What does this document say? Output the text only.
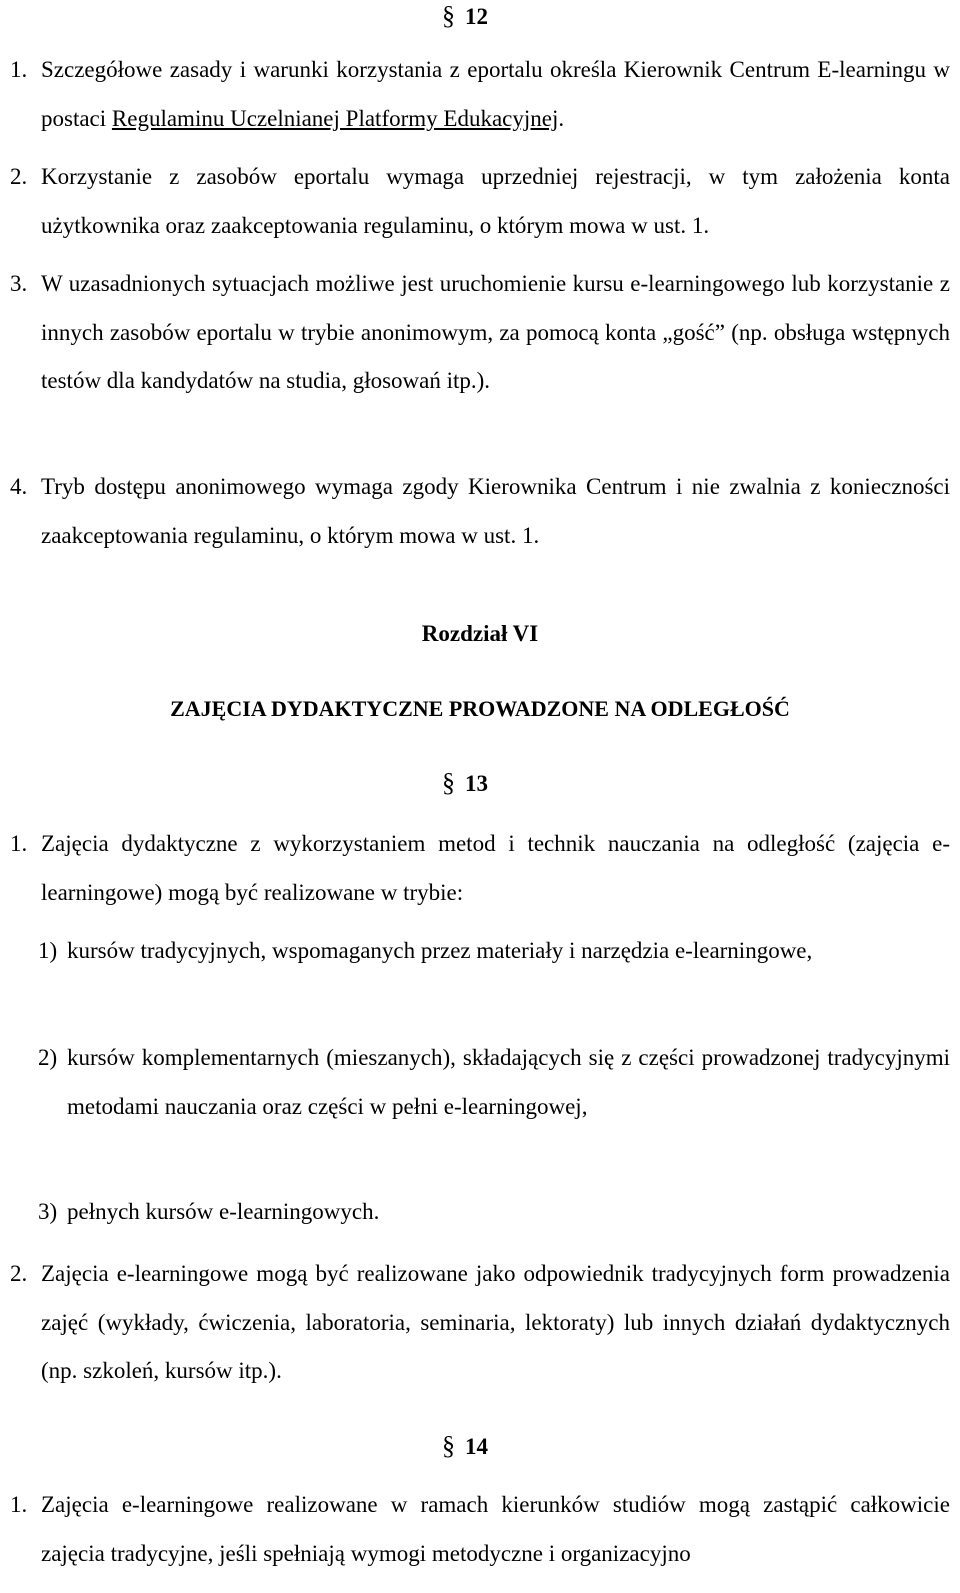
§ 12
1. Szczegółowe zasady i warunki korzystania z eportalu określa Kierownik Centrum E-learningu w postaci Regulaminu Uczelnianej Platformy Edukacyjnej.
2. Korzystanie z zasobów eportalu wymaga uprzedniej rejestracji, w tym założenia konta użytkownika oraz zaakceptowania regulaminu, o którym mowa w ust. 1.
3. W uzasadnionych sytuacjach możliwe jest uruchomienie kursu e-learningowego lub korzystanie z innych zasobów eportalu w trybie anonimowym, za pomocą konta „gość” (np. obsługa wstępnych testów dla kandydatów na studia, głosowań itp.).
4. Tryb dostępu anonimowego wymaga zgody Kierownika Centrum i nie zwalnia z konieczności zaakceptowania regulaminu, o którym mowa w ust. 1.
Rozdział VI
ZAJĘCIA DYDAKTYCZNE PROWADZONE NA ODLEGŁOŚĆ
§ 13
1. Zajęcia dydaktyczne z wykorzystaniem metod i technik nauczania na odległość (zajęcia e-learningowe) mogą być realizowane w trybie:
1) kursów tradycyjnych, wspomaganych przez materiały i narzędzia e-learningowe,
2) kursów komplementarnych (mieszanych), składających się z części prowadzonej tradycyjnymi metodami nauczania oraz części w pełni e-learningowej,
3) pełnych kursów e-learningowych.
2. Zajęcia e-learningowe mogą być realizowane jako odpowiednik tradycyjnych form prowadzenia zajęć (wykłady, ćwiczenia, laboratoria, seminaria, lektoraty) lub innych działań dydaktycznych (np. szkoleń, kursów itp.).
§ 14
1. Zajęcia e-learningowe realizowane w ramach kierunków studiów mogą zastąpić całkowicie zajęcia tradycyjne, jeśli spełniają wymogi metodyczne i organizacyjno
